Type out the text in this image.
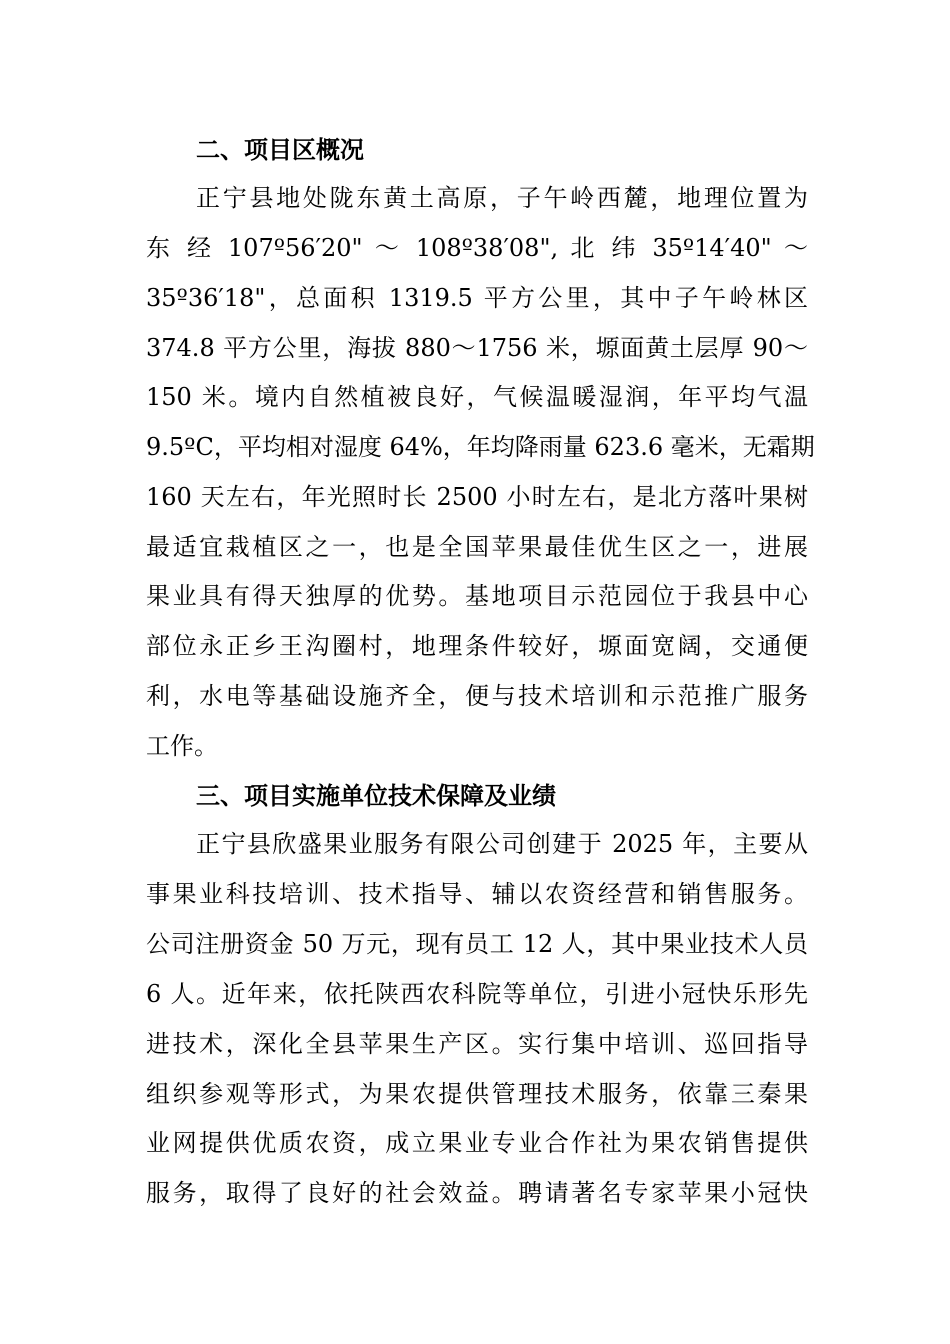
二、项目区概况
正宁县地处陇东黄土高原，子午岭西麓，地理位置为
东 经 107º56′20" ～ 108º38′08", 北 纬 35º14′40" ～
35º36′18"，总面积 1319.5 平方公里，其中子午岭林区
374.8 平方公里，海拔 880～1756 米，塬面黄土层厚 90～
150 米。境内自然植被良好，气候温暖湿润，年平均气温
9.5ºC，平均相对湿度 64%，年均降雨量 623.6 毫米，无霜期
160 天左右，年光照时长 2500 小时左右，是北方落叶果树
最适宜栽植区之一，也是全国苹果最佳优生区之一，进展
果业具有得天独厚的优势。基地项目示范园位于我县中心
部位永正乡王沟圈村，地理条件较好，塬面宽阔，交通便
利，水电等基础设施齐全，便与技术培训和示范推广服务
工作。
三、项目实施单位技术保障及业绩
正宁县欣盛果业服务有限公司创建于 2025 年，主要从
事果业科技培训、技术指导、辅以农资经营和销售服务。
公司注册资金 50 万元，现有员工 12 人，其中果业技术人员
6 人。近年来，依托陕西农科院等单位，引进小冠快乐形先
进技术，深化全县苹果生产区。实行集中培训、巡回指导
组织参观等形式，为果农提供管理技术服务，依靠三秦果
业网提供优质农资，成立果业专业合作社为果农销售提供
服务，取得了良好的社会效益。聘请著名专家苹果小冠快
